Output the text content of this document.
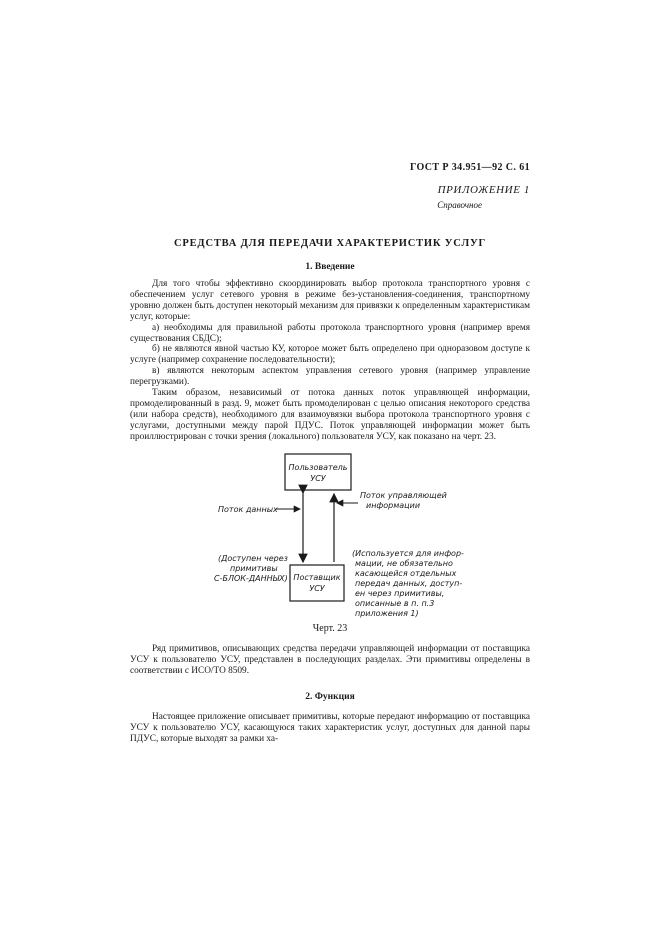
ГОСТ Р 34.951—92 С. 61
ПРИЛОЖЕНИЕ 1
Справочное
СРЕДСТВА ДЛЯ ПЕРЕДАЧИ ХАРАКТЕРИСТИК УСЛУГ
1. Введение

Для того чтобы эффективно скоординировать выбор протокола транспортного уровня с обеспечением услуг сетевого уровня в режиме без-установления-соединения, транспортному уровню должен быть доступен некоторый механизм для привязки к определенным характеристикам услуг, которые:

а) необходимы для правильной работы протокола транспортного уровня (например время существования СБДС);

б) не являются явной частью КУ, которое может быть определено при одноразовом доступе к услуге (например сохранение последовательности);

в) являются некоторым аспектом управления сетевого уровня (например управление перегрузками).

Таким образом, независимый от потока данных поток управляющей информации, промоделированный в разд. 9, может быть промоделирован с целью описания некоторого средства (или набора средств), необходимого для взаимоувязки выбора протокола транспортного уровня с услугами, доступными между парой ПДУС. Поток управляющей информации может быть проиллюстрирован с точки зрения (локального) пользователя УСУ, как показано на черт. 23.

Пользователь
УСУ
Поставщик
УСУ
Поток данных
Поток управляющей
информации
(Доступен через
примитивы
С-БЛОК-ДАННЫХ)
(Используется для инфор-
мации, не обязательно
касающейся отдельных
передач данных, доступ-
ен через примитивы,
описанные в п. п.3
приложения 1)
Черт. 23

Ряд примитивов, описывающих средства передачи управляющей информации от поставщика УСУ к пользователю УСУ, представлен в последующих разделах. Эти примитивы определены в соответствии с ИСО/ТО 8509.

2. Функция

Настоящее приложение описывает примитивы, которые передают информацию от поставщика УСУ к пользователю УСУ, касающуюся таких характеристик услуг, доступных для данной пары ПДУС, которые выходят за рамки ха-
